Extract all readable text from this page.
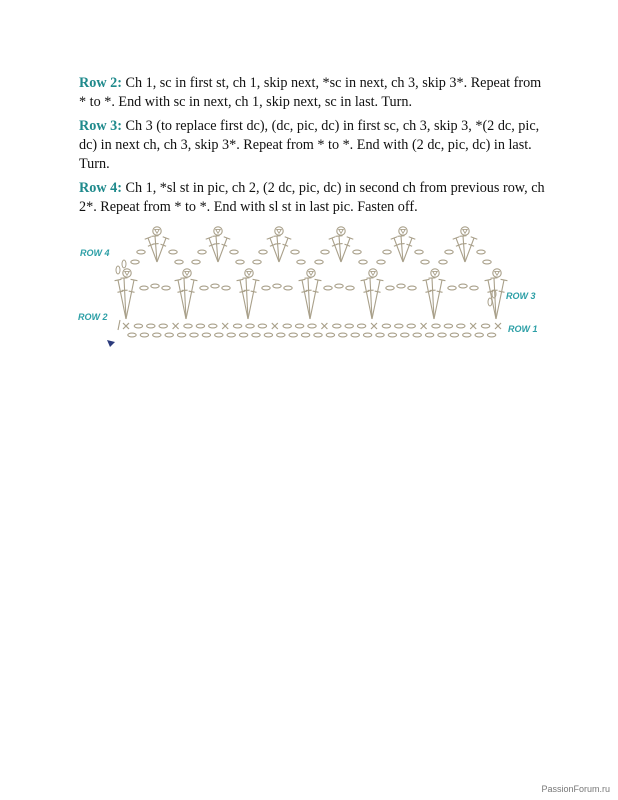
Row 2: Ch 1, sc in first st, ch 1, skip next, *sc in next, ch 3, skip 3*. Repeat from * to *. End with sc in next, ch 1, skip next, sc in last. Turn.

Row 3: Ch 3 (to replace first dc), (dc, pic, dc) in first sc, ch 3, skip 3, *(2 dc, pic, dc) in next ch, ch 3, skip 3*. Repeat from * to *. End with (2 dc, pic, dc) in last. Turn.

Row 4: Ch 1, *sl st in pic, ch 2, (2 dc, pic, dc) in second ch from previous row, ch 2*. Repeat from * to *. End with sl st in last pic. Fasten off.

ROW 4
ROW 3
ROW 2
ROW 1
PassionForum.ru
